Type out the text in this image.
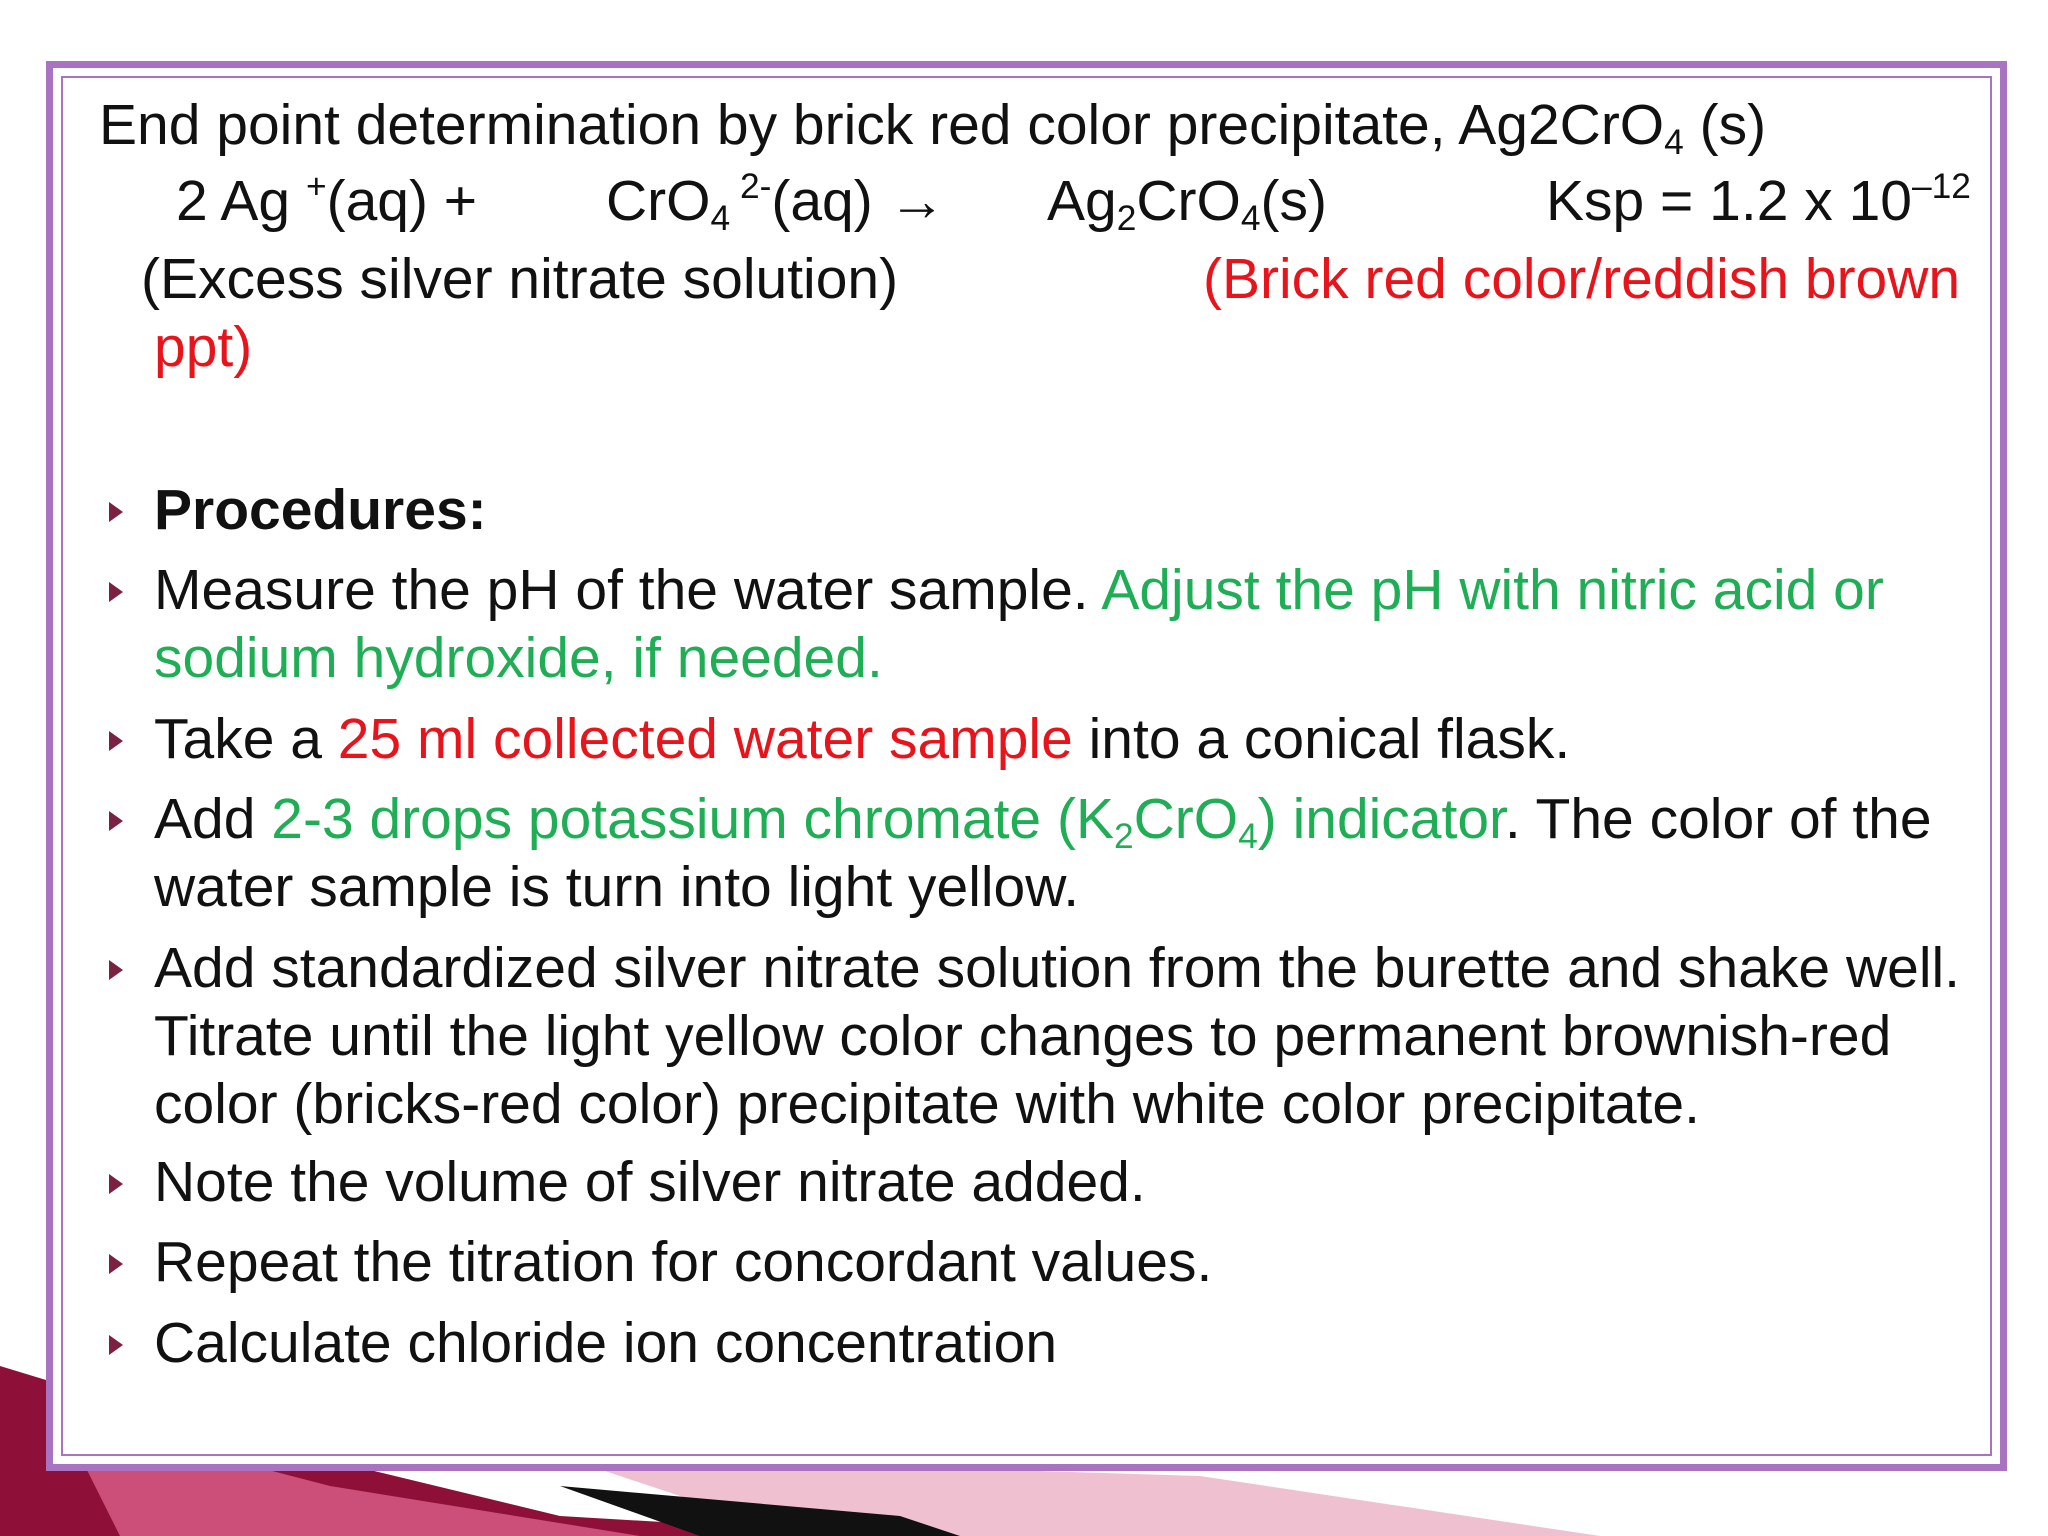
End point determination by brick red color precipitate, Ag2CrO$_4$ (s)
2 Ag +(aq) + CrO$_4$ $^{2-}(aq) \to Ag_2CrO_4(s)$	Ksp = 1.2 x $10^{-12}$
(Excess silver nitrate solution)	(Brick red color/reddish brown
ppt)
Procedures:
Measure the pH of the water sample. Adjust the pH with nitric acid or sodium hydroxide, if needed.
Take a 25 ml collected water sample into a conical flask.
Add 2-3 drops potassium chromate $(K_2CrO_4)$ indicator. The color of the water sample is turn into light yellow.
Add standardized silver nitrate solution from the burette and shake well. Titrate until the light yellow color changes to permanent brownish-red color (bricks-red color) precipitate with white color precipitate.
Note the volume of silver nitrate added.
Repeat the titration for concordant values.
Calculate chloride ion concentration
